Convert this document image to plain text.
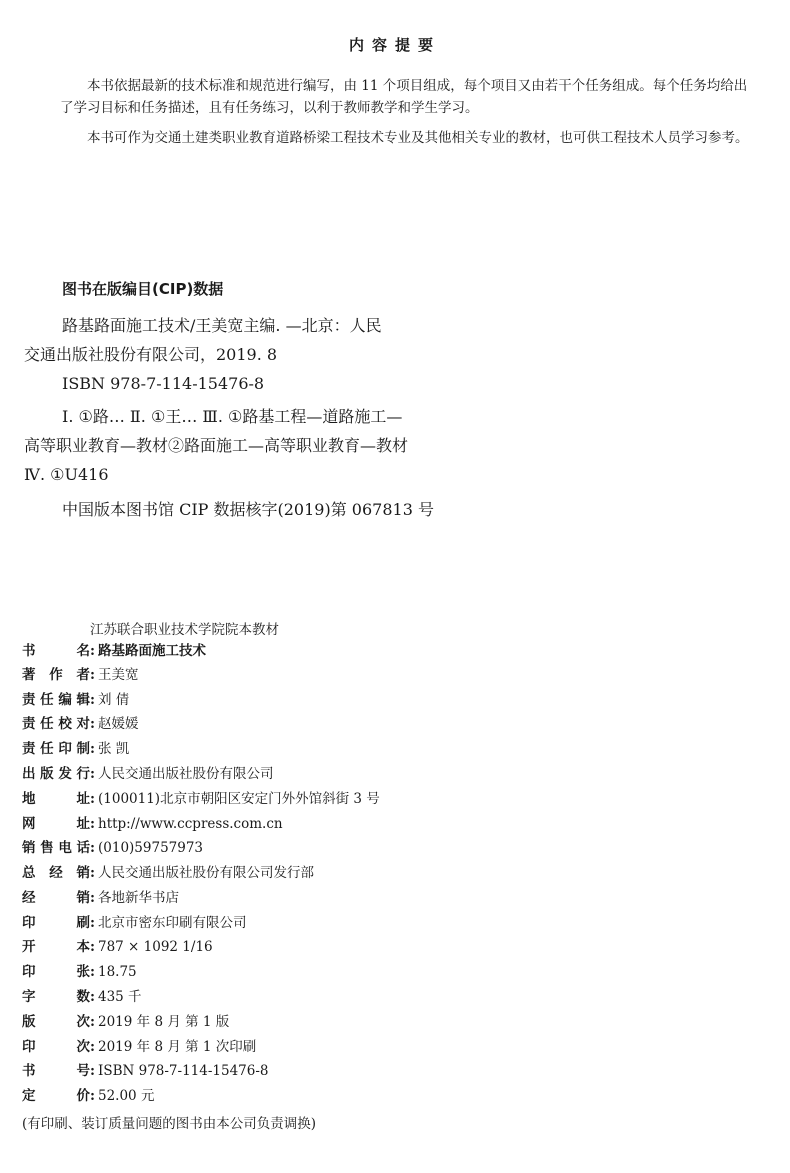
内容提要
本书依据最新的技术标准和规范进行编写，由 11 个项目组成，每个项目又由若干个任务组成。每个任务均给出了学习目标和任务描述，且有任务练习，以利于教师教学和学生学习。
本书可作为交通土建类职业教育道路桥梁工程技术专业及其他相关专业的教材，也可供工程技术人员学习参考。
图书在版编目(CIP)数据
路基路面施工技术/王美宽主编. —北京：人民
交通出版社股份有限公司，2019. 8
ISBN 978-7-114-15476-8
Ⅰ. ①路… Ⅱ. ①王… Ⅲ. ①路基工程—道路施工—
高等职业教育—教材②路面施工—高等职业教育—教材
Ⅳ. ①U416
中国版本图书馆 CIP 数据核字(2019)第 067813 号
江苏联合职业技术学院院本教材
书名: 路基路面施工技术
著作者: 王美宽
责任编辑: 刘 倩
责任校对: 赵媛媛
责任印制: 张 凯
出版发行: 人民交通出版社股份有限公司
地址: (100011)北京市朝阳区安定门外外馆斜街 3 号
网址: http://www.ccpress.com.cn
销售电话: (010)59757973
总经销: 人民交通出版社股份有限公司发行部
经销: 各地新华书店
印刷: 北京市密东印刷有限公司
开本: 787 × 1092 1/16
印张: 18.75
字数: 435 千
版次: 2019 年 8 月 第 1 版
印次: 2019 年 8 月 第 1 次印刷
书号: ISBN 978-7-114-15476-8
定价: 52.00 元
(有印刷、装订质量问题的图书由本公司负责调换)
